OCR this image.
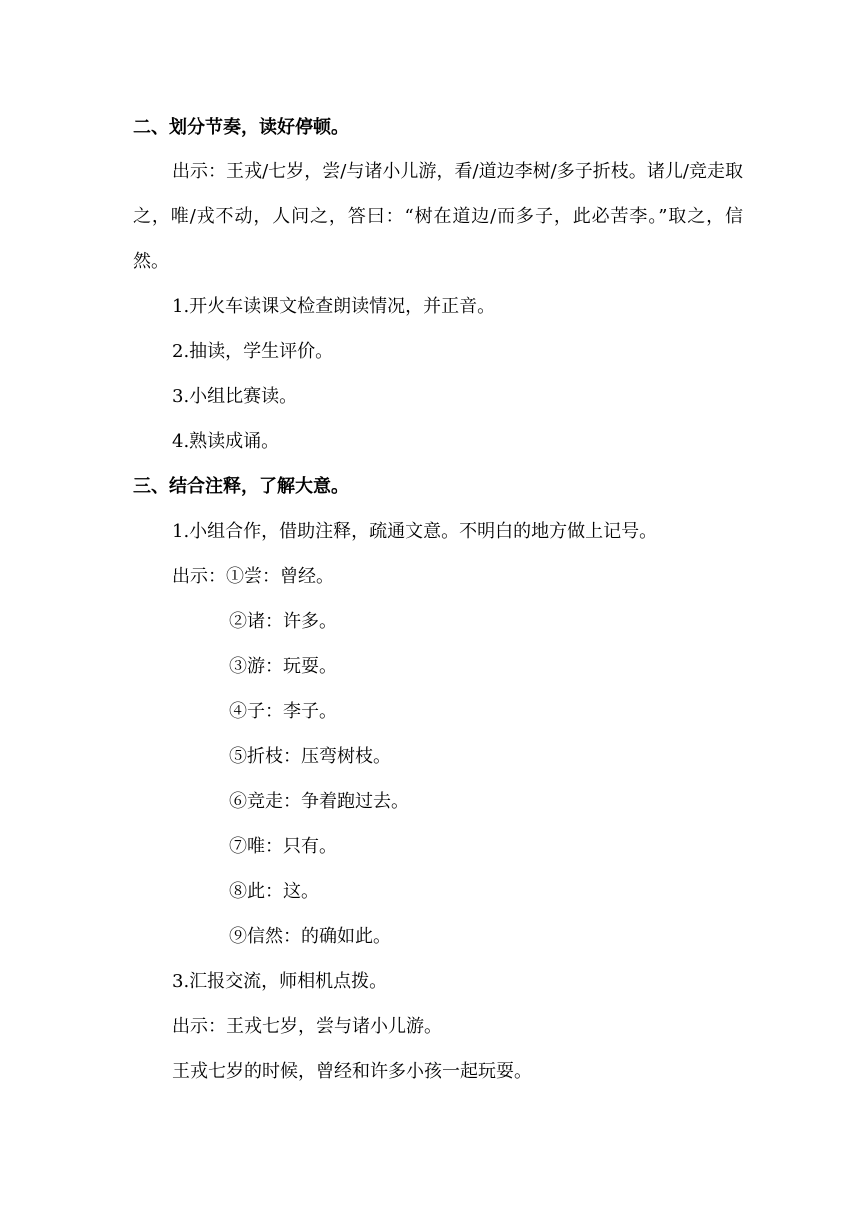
二、划分节奏，读好停顿。

出示：王戎/七岁，尝/与诸小儿游，看/道边李树/多子折枝。诸儿/竞走取之，唯/戎不动，人问之，答曰：“树在道边/而多子，此必苦李。”取之，信然。

1.开火车读课文检查朗读情况，并正音。
2.抽读，学生评价。
3.小组比赛读。
4.熟读成诵。
三、结合注释，了解大意。
1.小组合作，借助注释，疏通文意。不明白的地方做上记号。
出示：①尝：曾经。
②诸：许多。
③游：玩耍。
④子：李子。
⑤折枝：压弯树枝。
⑥竞走：争着跑过去。
⑦唯：只有。
⑧此：这。
⑨信然：的确如此。
3.汇报交流，师相机点拨。
出示：王戎七岁，尝与诸小儿游。
王戎七岁的时候，曾经和许多小孩一起玩耍。
